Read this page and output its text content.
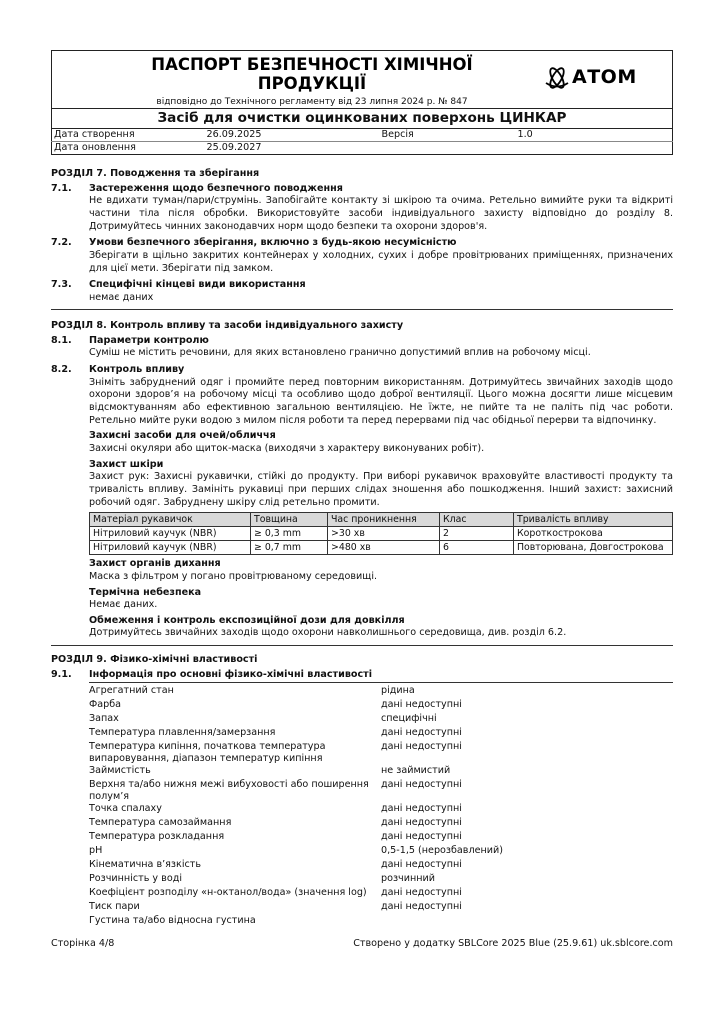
ПАСПОРТ БЕЗПЕЧНОСТІ ХІМІЧНОЇ
ПРОДУКЦІЇ
відповідно до Технічного регламенту від 23 липня 2024 р. № 847
АТОМ
Засіб для очистки оцинкованих поверхонь ЦИНКАР
Дата створення	26.09.2025	Версія	1.0
Дата оновлення	25.09.2027		
РОЗДІЛ 7. Поводження та зберігання
7.1.	Застереження щодо безпечного поводження
Не вдихати туман/пари/струмінь. Запобігайте контакту зі шкірою та очима. Ретельно вимийте руки та відкриті частини тіла після обробки. Використовуйте засоби індивідуального захисту відповідно до розділу 8. Дотримуйтесь чинних законодавчих норм щодо безпеки та охорони здоров'я.
7.2.	Умови безпечного зберігання, включно з будь-якою несумісністю
Зберігати в щільно закритих контейнерах у холодних, сухих і добре провітрюваних приміщеннях, призначених для цієї мети. Зберігати під замком.
7.3.	Специфічні кінцеві види використання
немає даних
РОЗДІЛ 8. Контроль впливу та засоби індивідуального захисту
8.1.	Параметри контролю
Суміш не містить речовини, для яких встановлено гранично допустимий вплив на робочому місці.
8.2.	Контроль впливу
Зніміть забруднений одяг і промийте перед повторним використанням. Дотримуйтесь звичайних заходів щодо охорони здоров’я на робочому місці та особливо щодо доброї вентиляції. Цього можна досягти лише місцевим відсмоктуванням або ефективною загальною вентиляцією. Не їжте, не пийте та не паліть під час роботи. Ретельно мийте руки водою з милом після роботи та перед перервами під час обідньої перерви та відпочинку.
Захисні засоби для очей/обличчя
Захисні окуляри або щиток-маска (виходячи з характеру виконуваних робіт).
Захист шкіри
Захист рук: Захисні рукавички, стійкі до продукту. При виборі рукавичок враховуйте властивості продукту та тривалість впливу. Замініть рукавиці при перших слідах зношення або пошкодження. Інший захист: захисний робочий одяг. Забруднену шкіру слід ретельно промити.
Матеріал рукавичок	Товщина	Час проникнення	Клас	Тривалість впливу
Нітриловий каучук (NBR)	≥ 0,3 mm	>30 хв	2	Короткострокова
Нітриловий каучук (NBR)	≥ 0,7 mm	>480 хв	6	Повторювана, Довгострокова
Захист органів дихання
Маска з фільтром у погано провітрюваному середовищі.
Термічна небезпека
Немає даних.
Обмеження і контроль експозиційної дози для довкілля
Дотримуйтесь звичайних заходів щодо охорони навколишнього середовища, див. розділ 6.2.
РОЗДІЛ 9. Фізико-хімічні властивості
9.1.	Інформація про основні фізико-хімічні властивості
Агрегатний стан	рідина
Фарба	дані недоступні
Запах	специфічні
Температура плавлення/замерзання	дані недоступні
Температура кипіння, початкова температура випаровування, діапазон температур кипіння	дані недоступні
Займистість	не займистий
Верхня та/або нижня межі вибуховості або поширення полум’я	дані недоступні
Точка спалаху	дані недоступні
Температура самозаймання	дані недоступні
Температура розкладання	дані недоступні
pH	0,5-1,5 (нерозбавлений)
Кінематична в’язкість	дані недоступні
Розчинність у воді	розчинний
Коефіцієнт розподілу «н-октанол/вода» (значення log)	дані недоступні
Тиск пари	дані недоступні
Густина та/або відносна густина	
Сторінка 4/8	Створено у додатку SBLCore 2025 Blue (25.9.61) uk.sblcore.com
